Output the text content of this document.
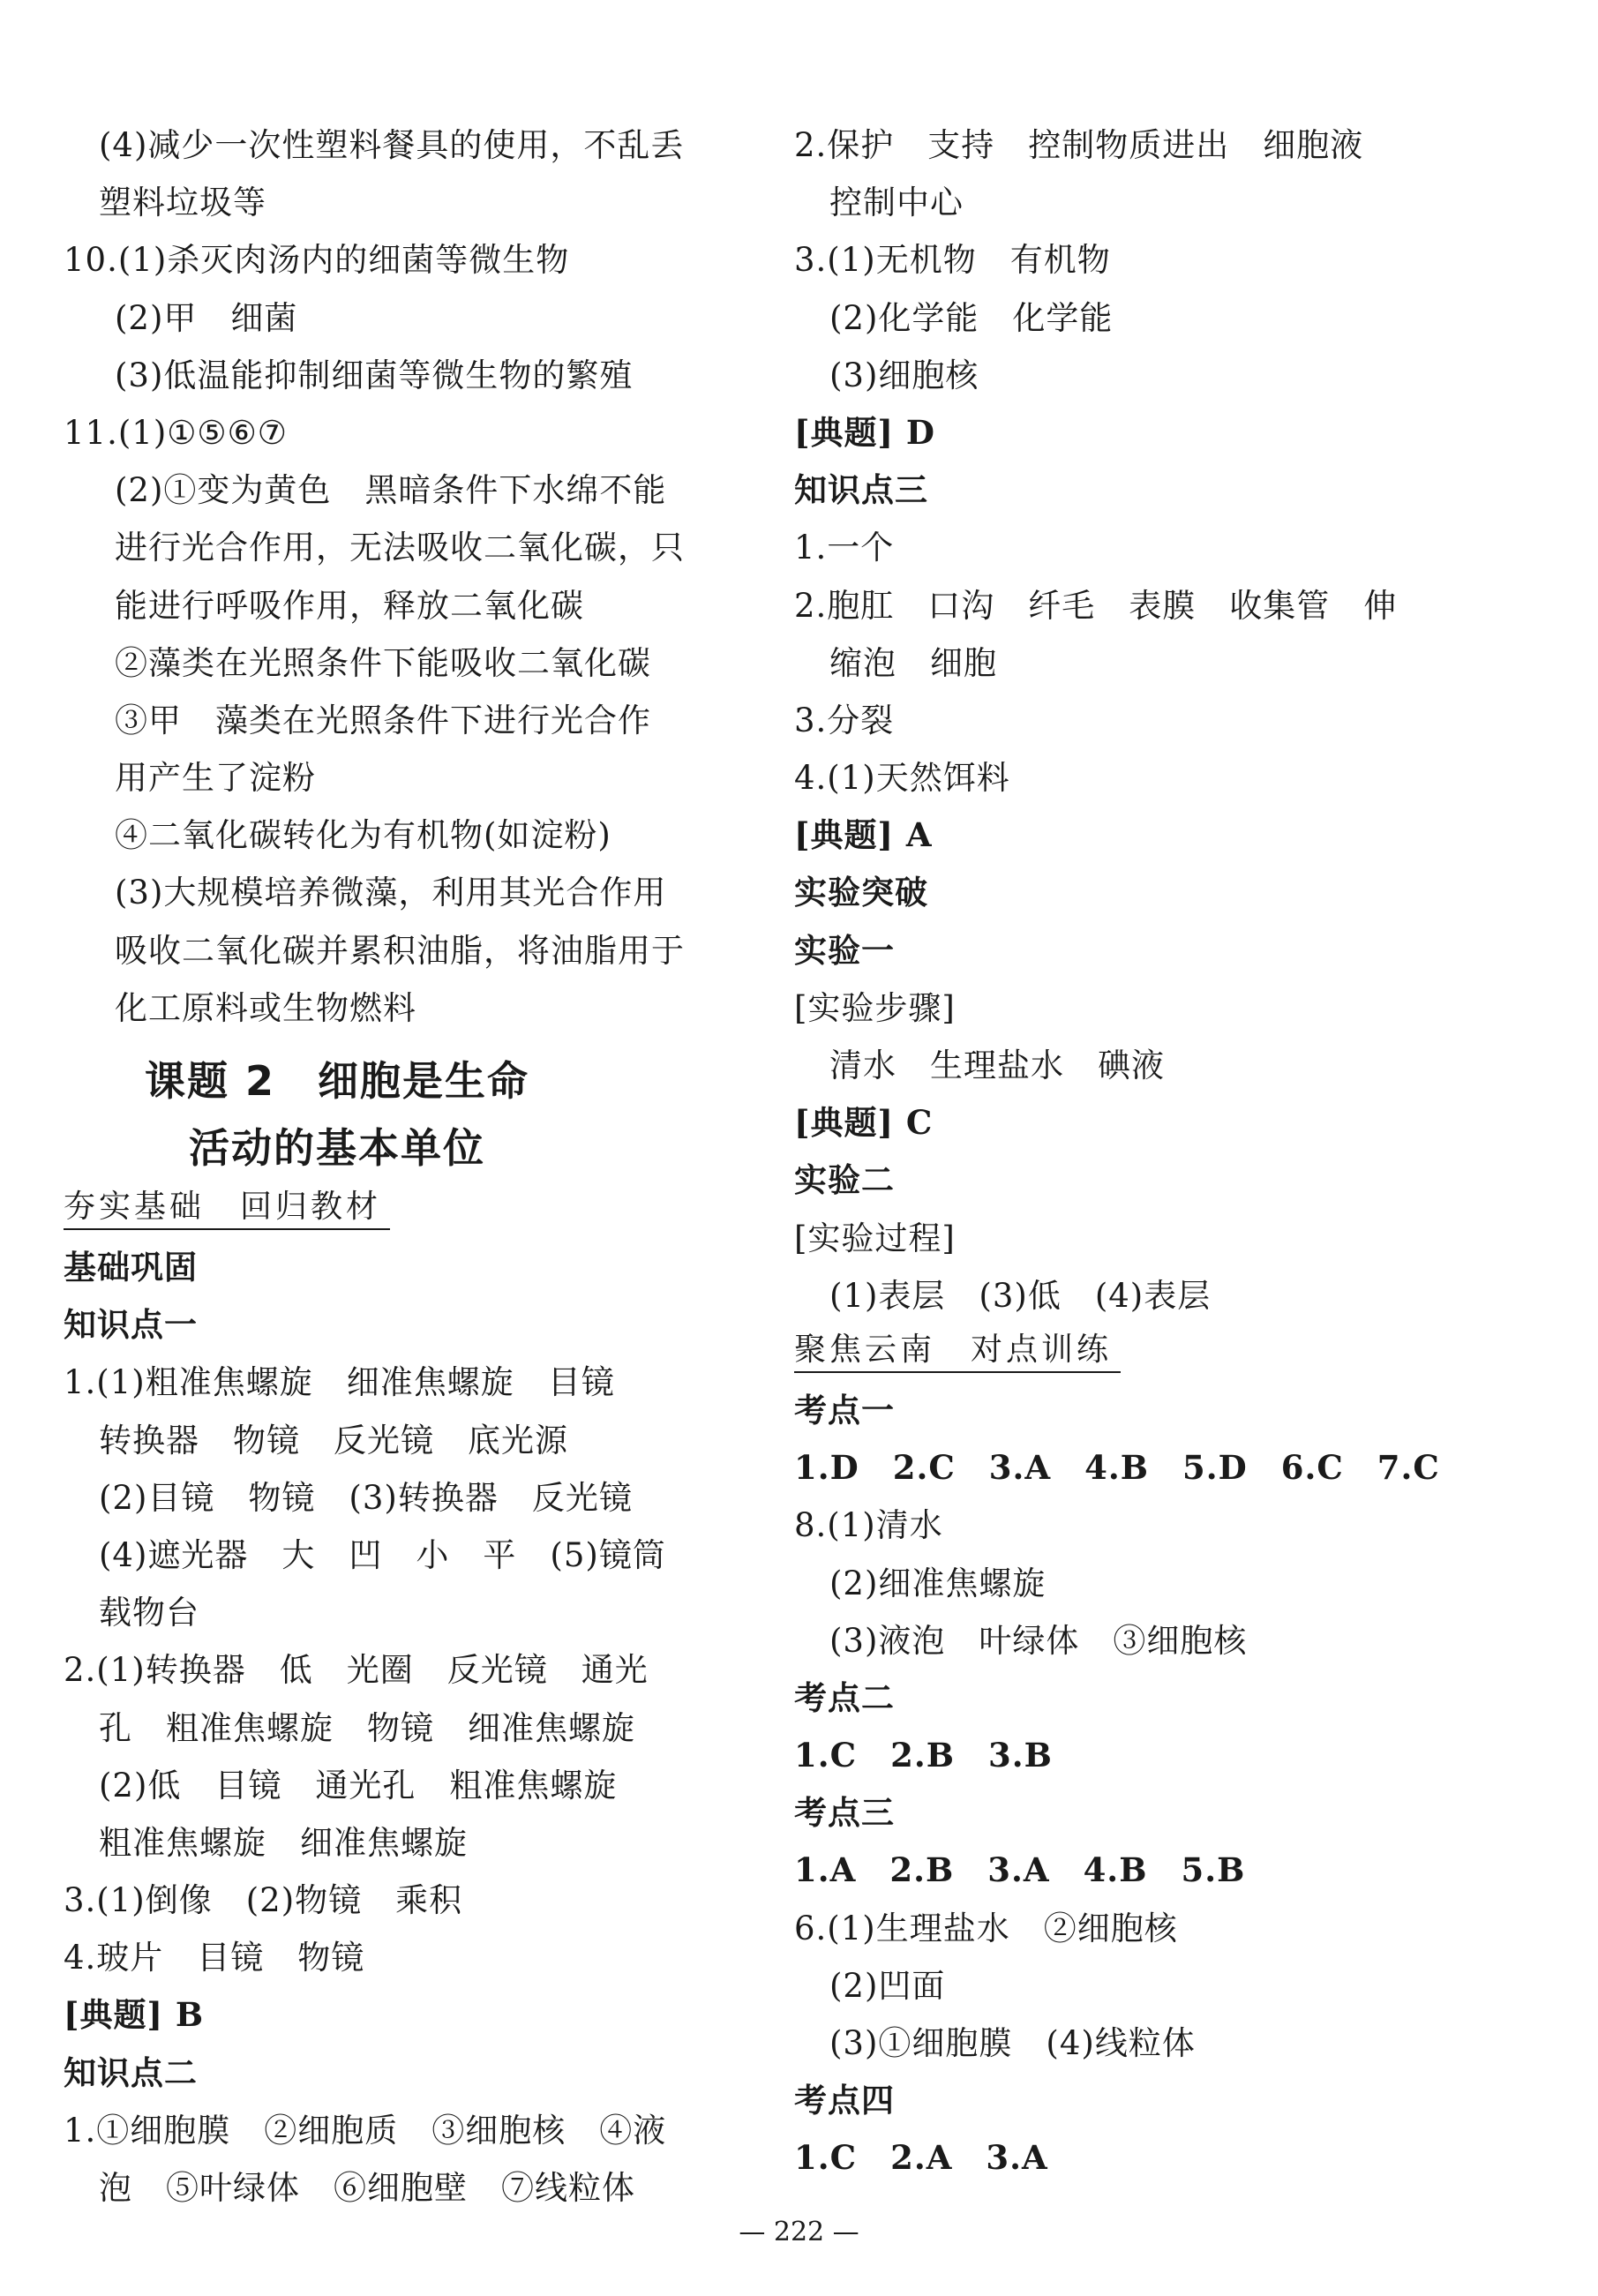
(4)减少一次性塑料餐具的使用，不乱丢
塑料垃圾等
10.(1)杀灭肉汤内的细菌等微生物
(2)甲　细菌
(3)低温能抑制细菌等微生物的繁殖
11.(1)①⑤⑥⑦
(2)①变为黄色　黑暗条件下水绵不能
进行光合作用，无法吸收二氧化碳，只
能进行呼吸作用，释放二氧化碳
②藻类在光照条件下能吸收二氧化碳
③甲　藻类在光照条件下进行光合作
用产生了淀粉
④二氧化碳转化为有机物(如淀粉)
(3)大规模培养微藻，利用其光合作用
吸收二氧化碳并累积油脂，将油脂用于
化工原料或生物燃料
课题 2　细胞是生命
活动的基本单位
夯实基础　回归教材
基础巩固
知识点一
1.(1)粗准焦螺旋　细准焦螺旋　目镜
转换器　物镜　反光镜　底光源
(2)目镜　物镜　(3)转换器　反光镜
(4)遮光器　大　凹　小　平　(5)镜筒
载物台
2.(1)转换器　低　光圈　反光镜　通光
孔　粗准焦螺旋　物镜　细准焦螺旋
(2)低　目镜　通光孔　粗准焦螺旋
粗准焦螺旋　细准焦螺旋
3.(1)倒像　(2)物镜　乘积
4.玻片　目镜　物镜
[典题] B
知识点二
1.①细胞膜　②细胞质　③细胞核　④液
泡　⑤叶绿体　⑥细胞壁　⑦线粒体
2.保护　支持　控制物质进出　细胞液
控制中心
3.(1)无机物　有机物
(2)化学能　化学能
(3)细胞核
[典题] D
知识点三
1.一个
2.胞肛　口沟　纤毛　表膜　收集管　伸
缩泡　细胞
3.分裂
4.(1)天然饵料
[典题] A
实验突破
实验一
[实验步骤]
清水　生理盐水　碘液
[典题] C
实验二
[实验过程]
(1)表层　(3)低　(4)表层
聚焦云南　对点训练
考点一
1.D　2.C　3.A　4.B　5.D　6.C　7.C
8.(1)清水
(2)细准焦螺旋
(3)液泡　叶绿体　③细胞核
考点二
1.C　2.B　3.B
考点三
1.A　2.B　3.A　4.B　5.B
6.(1)生理盐水　②细胞核
(2)凹面
(3)①细胞膜　(4)线粒体
考点四
1.C　2.A　3.A
— 222 —
